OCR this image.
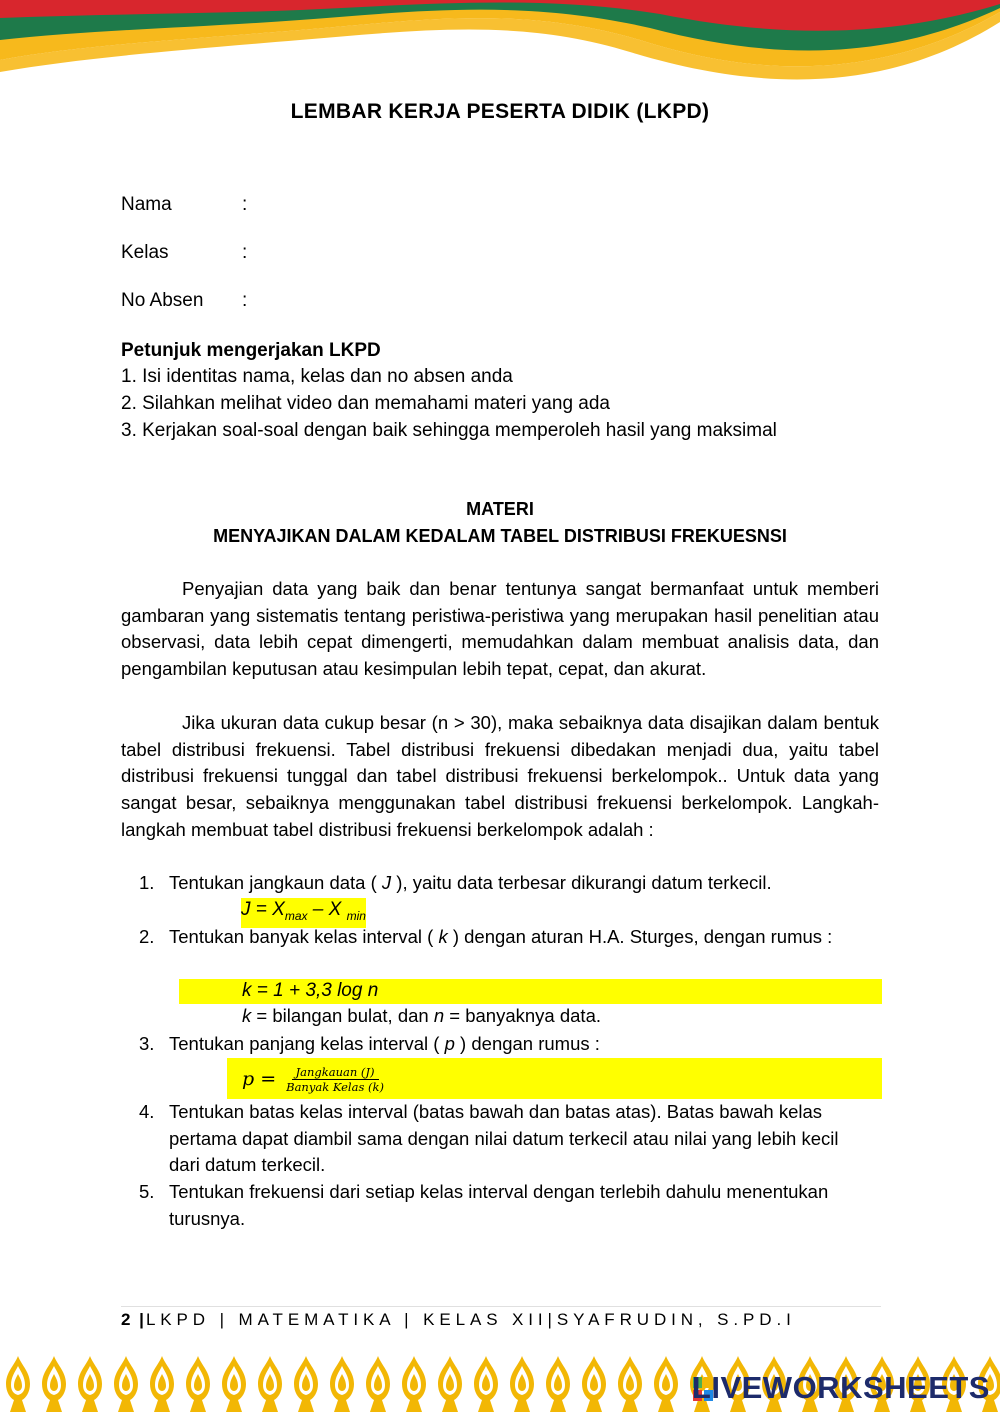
LEMBAR KERJA PESERTA DIDIK (LKPD)
Nama	:
Kelas	:
No Absen :
Petunjuk mengerjakan LKPD
1. Isi identitas nama, kelas dan no absen anda
2. Silahkan melihat video dan memahami materi yang ada
3. Kerjakan soal-soal dengan baik sehingga memperoleh hasil yang maksimal
MATERI
MENYAJIKAN DALAM KEDALAM TABEL DISTRIBUSI FREKUESNSI

Penyajian data yang baik dan benar tentunya sangat bermanfaat untuk memberi gambaran yang sistematis tentang peristiwa-peristiwa yang merupakan hasil penelitian atau observasi, data lebih cepat dimengerti, memudahkan dalam membuat analisis data, dan pengambilan keputusan atau kesimpulan lebih tepat, cepat, dan akurat.

Jika ukuran data cukup besar (n > 30), maka sebaiknya data disajikan dalam bentuk tabel distribusi frekuensi. Tabel distribusi frekuensi dibedakan menjadi dua, yaitu tabel distribusi frekuensi tunggal dan tabel distribusi frekuensi berkelompok.. Untuk data yang sangat besar, sebaiknya menggunakan tabel distribusi frekuensi berkelompok. Langkah-langkah membuat tabel distribusi frekuensi berkelompok adalah :

1. Tentukan jangkaun data ( J ), yaitu data terbesar dikurangi datum terkecil.
$J = X_{max} - X$ $_{min}$
2. Tentukan banyak kelas interval ( k ) dengan aturan H.A. Sturges, dengan rumus :
k = 1 + 3,3 log n
k = bilangan bulat, dan n = banyaknya data.
3. Tentukan panjang kelas interval ( p ) dengan rumus :
p =	Jangkauan (J)
Banyak Kelas (k)
4. Tentukan batas kelas interval (batas bawah dan batas atas). Batas bawah kelas pertama dapat diambil sama dengan nilai datum terkecil atau nilai yang lebih kecil dari datum terkecil.
5. Tentukan frekuensi dari setiap kelas interval dengan terlebih dahulu menentukan turusnya.
2 |LKPD | MATEMATIKA | KELAS XII|SYAFRUDIN, S.PD.I
LIVEWORKSHEETS
